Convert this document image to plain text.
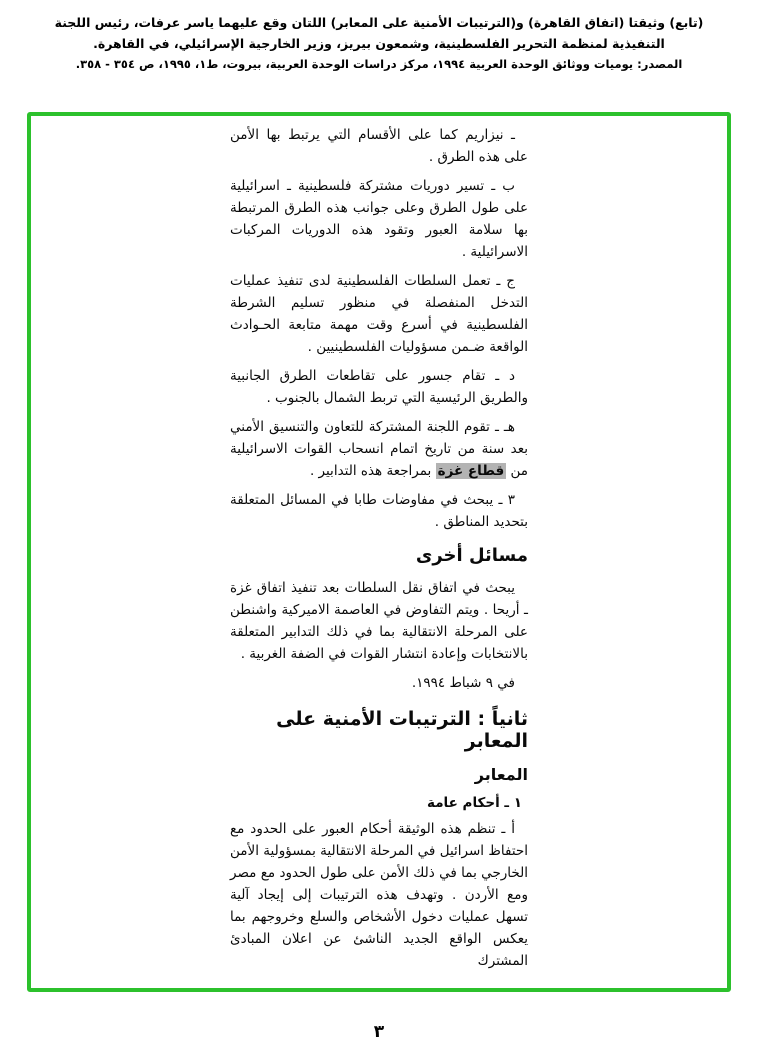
(تابع) وثيقتا (اتفاق القاهرة) و(الترتيبات الأمنية على المعابر) اللتان وقع عليهما ياسر عرفات، رئيس اللجنة
التنفيذية لمنظمة التحرير الفلسطينية، وشمعون بيريز، وزير الخارجية الإسرائيلي، في القاهرة.
المصدر: يوميات ووثائق الوحدة العربية ١٩٩٤، مركز دراسات الوحدة العربية، بيروت، ط١، ١٩٩٥، ص ٣٥٤ - ٣٥٨.

ـ نيزاريم كما على الأقسام التي يرتبط بها الأمن على هذه الطرق .

ب ـ تسير دوريات مشتركة فلسطينية ـ اسرائيلية على طول الطرق وعلى جوانب هذه الطرق المرتبطة بها سلامة العبور وتقود هذه الدوريات المركبات الاسرائيلية .

ج ـ تعمل السلطات الفلسطينية لدى تنفيذ عمليات التدخل المنفصلة في منظور تسليم الشرطة الفلسطينية في أسرع وقت مهمة متابعة الحـوادث الواقعة ضـمن مسؤوليات الفلسطينيين .

د ـ تقام جسور على تقاطعات الطرق الجانبية والطريق الرئيسية التي تربط الشمال بالجنوب .

هـ ـ تقوم اللجنة المشتركة للتعاون والتنسيق الأمني بعد سنة من تاريخ اتمام انسحاب القوات الاسرائيلية من قطاع غزة بمراجعة هذه التدابير .

٣ ـ يبحث في مفاوضات طابا في المسائل المتعلقة بتحديد المناطق .

مسائل أخرى

يبحث في اتفاق نقل السلطات بعد تنفيذ اتفاق غزة ـ أريحا . ويتم التفاوض في العاصمة الاميركية واشنطن على المرحلة الانتقالية بما في ذلك التدابير المتعلقة بالانتخابات وإعادة انتشار القوات في الضفة الغربية .

في ٩ شباط ١٩٩٤.

ثانياً : الترتيبات الأمنية على المعابر
المعابر
١ ـ أحكام عامة

أ ـ تنظم هذه الوثيقة أحكام العبور على الحدود مع احتفاظ اسرائيل في المرحلة الانتقالية بمسؤولية الأمن الخارجي بما في ذلك الأمن على طول الحدود مع مصر ومع الأردن . وتهدف هذه الترتيبات إلى إيجاد آلية تسهل عمليات دخول الأشخاص والسلع وخروجهم بما يعكس الواقع الجديد الناشئ عن اعلان المبادئ المشترك

٣
